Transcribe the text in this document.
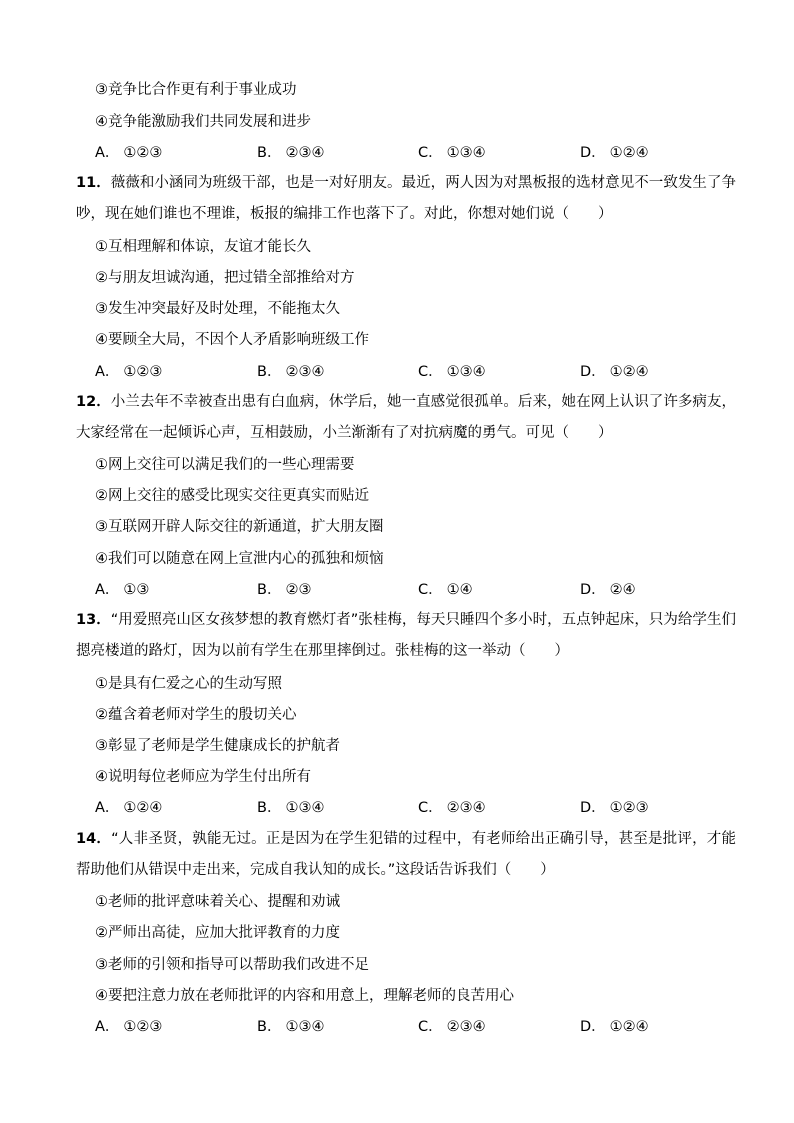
③竞争比合作更有利于事业成功
④竞争能激励我们共同发展和进步
A． ①②③	B． ②③④	C． ①③④	D． ①②④
11．薇薇和小涵同为班级干部，也是一对好朋友。最近，两人因为对黑板报的选材意见不一致发生了争吵，现在她们谁也不理谁，板报的编排工作也落下了。对此，你想对她们说（　　）
①互相理解和体谅，友谊才能长久
②与朋友坦诚沟通，把过错全部推给对方
③发生冲突最好及时处理，不能拖太久
④要顾全大局，不因个人矛盾影响班级工作
A． ①②③	B． ②③④	C． ①③④	D． ①②④
12．小兰去年不幸被查出患有白血病，休学后，她一直感觉很孤单。后来，她在网上认识了许多病友，大家经常在一起倾诉心声，互相鼓励，小兰渐渐有了对抗病魔的勇气。可见（　　）
①网上交往可以满足我们的一些心理需要
②网上交往的感受比现实交往更真实而贴近
③互联网开辟人际交往的新通道，扩大朋友圈
④我们可以随意在网上宣泄内心的孤独和烦恼
A． ①③	B． ②③	C． ①④	D． ②④
13．“用爱照亮山区女孩梦想的教育燃灯者”张桂梅，每天只睡四个多小时，五点钟起床，只为给学生们摁亮楼道的路灯，因为以前有学生在那里摔倒过。张桂梅的这一举动（　　）
①是具有仁爱之心的生动写照
②蕴含着老师对学生的殷切关心
③彰显了老师是学生健康成长的护航者
④说明每位老师应为学生付出所有
A． ①②④	B． ①③④	C． ②③④	D． ①②③
14．“人非圣贤，孰能无过。正是因为在学生犯错的过程中，有老师给出正确引导，甚至是批评，才能帮助他们从错误中走出来，完成自我认知的成长。”这段话告诉我们（　　）
①老师的批评意味着关心、提醒和劝诫
②严师出高徒，应加大批评教育的力度
③老师的引领和指导可以帮助我们改进不足
④要把注意力放在老师批评的内容和用意上，理解老师的良苦用心
A． ①②③	B． ①③④	C． ②③④	D． ①②④
